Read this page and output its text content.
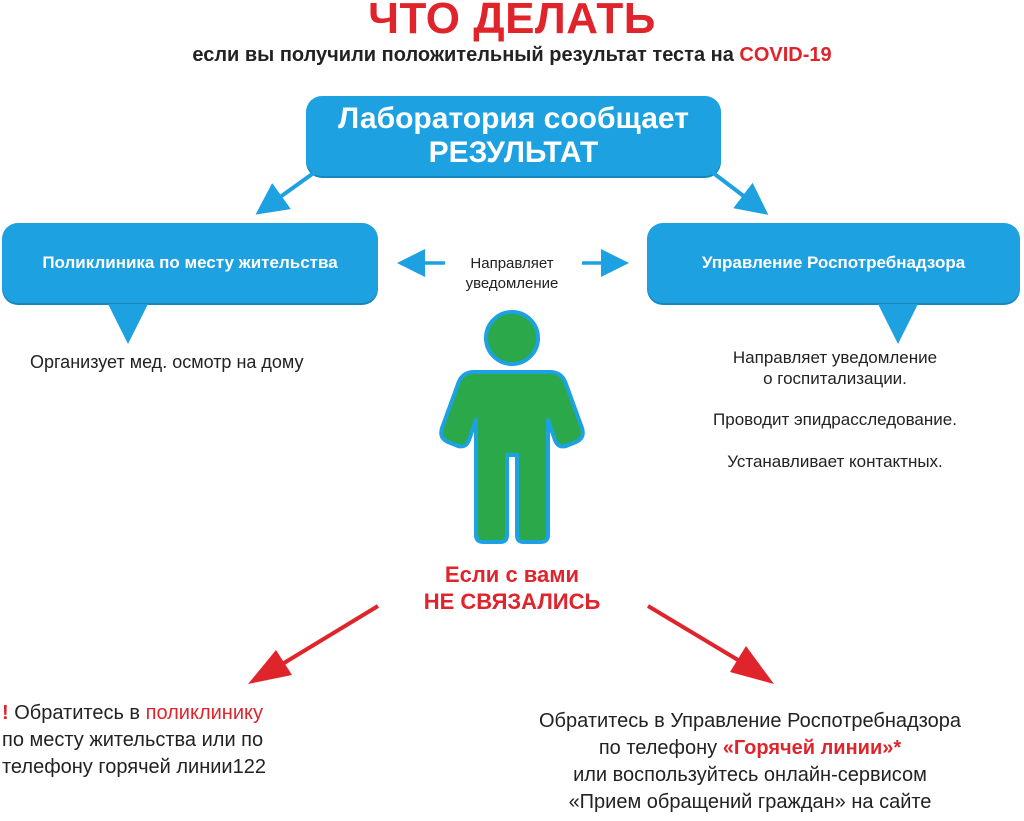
ЧТО ДЕЛАТЬ
если вы получили положительный результат теста на COVID-19
Лаборатория сообщает
РЕЗУЛЬТАТ
Поликлиника по месту жительства	Управление Роспотребнадзора
Направляет
уведомление
Организует мед. осмотр на дому	Направляет уведомление
о госпитализации.
Проводит эпидрасследование.
Устанавливает контактных.
Если с вами
НЕ СВЯЗАЛИСЬ
! Обратитесь в поликлинику
по месту жительства или по
телефону горячей линии122
Обратитесь в Управление Роспотребнадзора
по телефону «Горячей линии»*
или воспользуйтесь онлайн-сервисом
«Прием обращений граждан» на сайте
